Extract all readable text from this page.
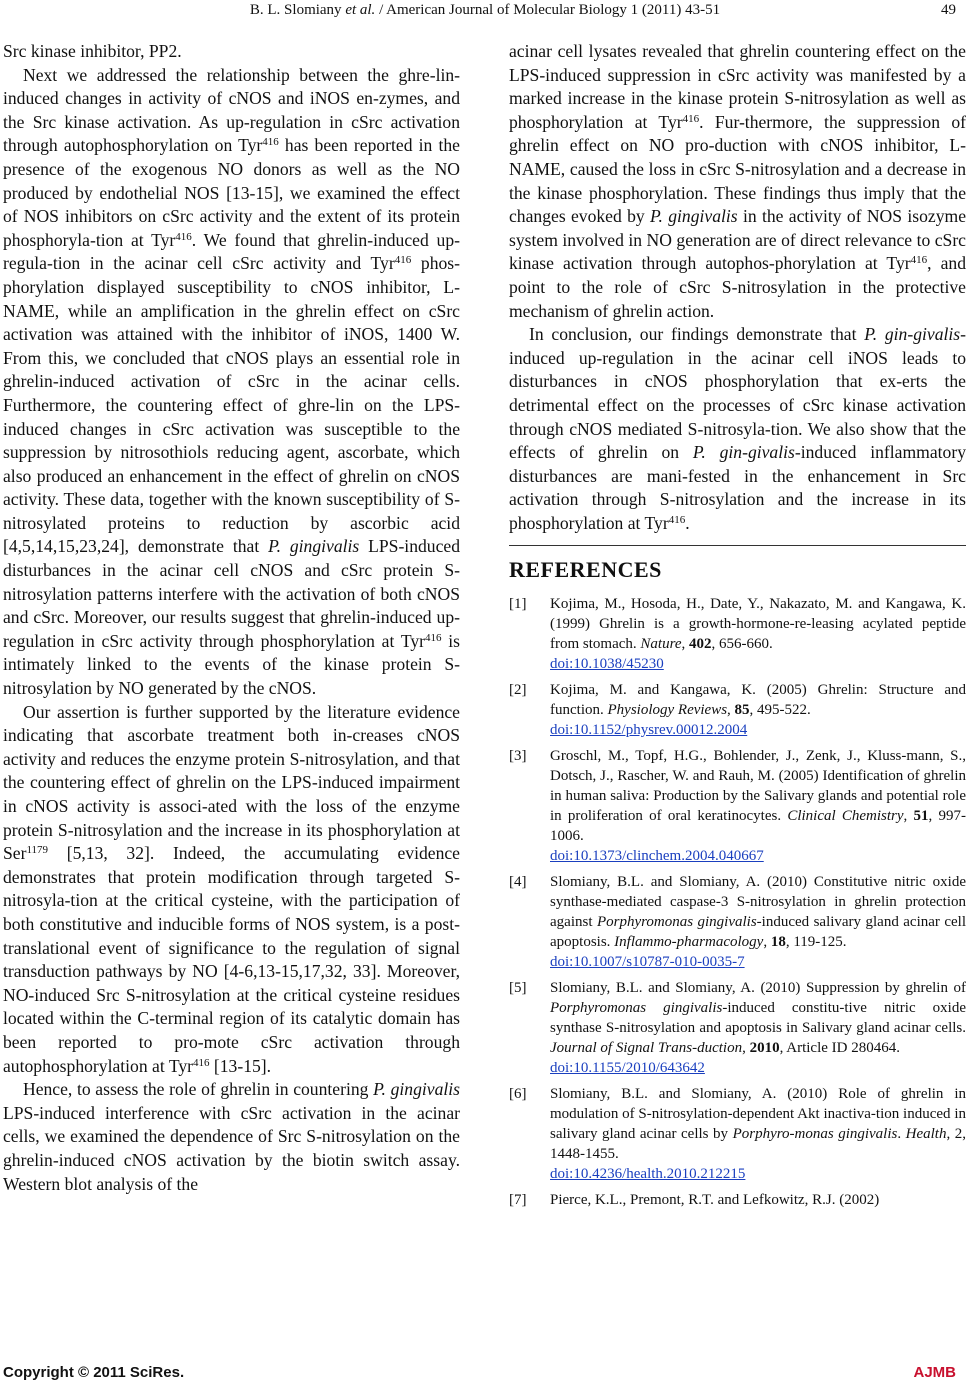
B. L. Slomiany et al. / American Journal of Molecular Biology 1 (2011) 43-51	49

Src kinase inhibitor, PP2.

Next we addressed the relationship between the ghre-lin-induced changes in activity of cNOS and iNOS en-zymes, and the Src kinase activation. As up-regulation in cSrc activation through autophosphorylation on Tyr$^{416}$ has been reported in the presence of the exogenous NO donors as well as the NO produced by endothelial NOS [13-15], we examined the effect of NOS inhibitors on cSrc activity and the extent of its protein phosphoryla-tion at Tyr$^{416}$. We found that ghrelin-induced up-regula-tion in the acinar cell cSrc activity and Tyr$^{416}$ phos-phorylation displayed susceptibility to cNOS inhibitor, L-NAME, while an amplification in the ghrelin effect on cSrc activation was attained with the inhibitor of iNOS, 1400 W. From this, we concluded that cNOS plays an essential role in ghrelin-induced activation of cSrc in the acinar cells. Furthermore, the countering effect of ghre-lin on the LPS-induced changes in cSrc activation was susceptible to the suppression by nitrosothiols reducing agent, ascorbate, which also produced an enhancement in the effect of ghrelin on cNOS activity. These data, together with the known susceptibility of S-nitrosylated proteins to reduction by ascorbic acid [4,5,14,15,23,24], demonstrate that P. gingivalis LPS-induced disturbances in the acinar cell cNOS and cSrc protein S-nitrosylation patterns interfere with the activation of both cNOS and cSrc. Moreover, our results suggest that ghrelin-induced up-regulation in cSrc activity through phosphorylation at Tyr$^{416}$ is intimately linked to the events of the kinase protein S-nitrosylation by NO generated by the cNOS.

Our assertion is further supported by the literature evidence indicating that ascorbate treatment both in-creases cNOS activity and reduces the enzyme protein S-nitrosylation, and that the countering effect of ghrelin on the LPS-induced impairment in cNOS activity is associ-ated with the loss of the enzyme protein S-nitrosylation and the increase in its phosphorylation at Ser$^{1179}$ [5,13, 32]. Indeed, the accumulating evidence demonstrates that protein modification through targeted S-nitrosyla-tion at the critical cysteine, with the participation of both constitutive and inducible forms of NOS system, is a post-translational event of significance to the regulation of signal transduction pathways by NO [4-6,13-15,17,32, 33]. Moreover, NO-induced Src S-nitrosylation at the critical cysteine residues located within the C-terminal region of its catalytic domain has been reported to pro-mote cSrc activation through autophosphorylation at Tyr$^{416}$ [13-15].

Hence, to assess the role of ghrelin in countering P. gingivalis LPS-induced interference with cSrc activation in the acinar cells, we examined the dependence of Src S-nitrosylation on the ghrelin-induced cNOS activation by the biotin switch assay. Western blot analysis of the

acinar cell lysates revealed that ghrelin countering effect on the LPS-induced suppression in cSrc activity was manifested by a marked increase in the kinase protein S-nitrosylation as well as phosphorylation at Tyr$^{416}$. Fur-thermore, the suppression of ghrelin effect on NO pro-duction with cNOS inhibitor, L-NAME, caused the loss in cSrc S-nitrosylation and a decrease in the kinase phosphorylation. These findings thus imply that the changes evoked by P. gingivalis in the activity of NOS isozyme system involved in NO generation are of direct relevance to cSrc kinase activation through autophos-phorylation at Tyr$^{416}$, and point to the role of cSrc S-nitrosylation in the protective mechanism of ghrelin action.

In conclusion, our findings demonstrate that P. gin-givalis-induced up-regulation in the acinar cell iNOS leads to disturbances in cNOS phosphorylation that ex-erts the detrimental effect on the processes of cSrc kinase activation through cNOS mediated S-nitrosyla-tion. We also show that the effects of ghrelin on P. gin-givalis-induced inflammatory disturbances are mani-fested in the enhancement in Src activation through S-nitrosylation and the increase in its phosphorylation at Tyr$^{416}$.

REFERENCES
[1] Kojima, M., Hosoda, H., Date, Y., Nakazato, M. and Kangawa, K. (1999) Ghrelin is a growth-hormone-re-leasing acylated peptide from stomach. Nature, 402, 656-660.
doi:10.1038/45230
[2] Kojima, M. and Kangawa, K. (2005) Ghrelin: Structure and function. Physiology Reviews, 85, 495-522.
doi:10.1152/physrev.00012.2004
[3] Groschl, M., Topf, H.G., Bohlender, J., Zenk, J., Kluss-mann, S., Dotsch, J., Rascher, W. and Rauh, M. (2005) Identification of ghrelin in human saliva: Production by the Salivary glands and potential role in proliferation of oral keratinocytes. Clinical Chemistry, 51, 997-1006.
doi:10.1373/clinchem.2004.040667
[4] Slomiany, B.L. and Slomiany, A. (2010) Constitutive nitric oxide synthase-mediated caspase-3 S-nitrosylation in ghrelin protection against Porphyromonas gingivalis-induced salivary gland acinar cell apoptosis. Inflammo-pharmacology, 18, 119-125.
doi:10.1007/s10787-010-0035-7
[5] Slomiany, B.L. and Slomiany, A. (2010) Suppression by ghrelin of Porphyromonas gingivalis-induced constitu-tive nitric oxide synthase S-nitrosylation and apoptosis in Salivary gland acinar cells. Journal of Signal Trans-duction, 2010, Article ID 280464.
doi:10.1155/2010/643642
[6] Slomiany, B.L. and Slomiany, A. (2010) Role of ghrelin in modulation of S-nitrosylation-dependent Akt inactiva-tion induced in salivary gland acinar cells by Porphyro-monas gingivalis. Health, 2, 1448-1455.
doi:10.4236/health.2010.212215
[7] Pierce, K.L., Premont, R.T. and Lefkowitz, R.J. (2002)
Copyright © 2011 SciRes.	AJMB
